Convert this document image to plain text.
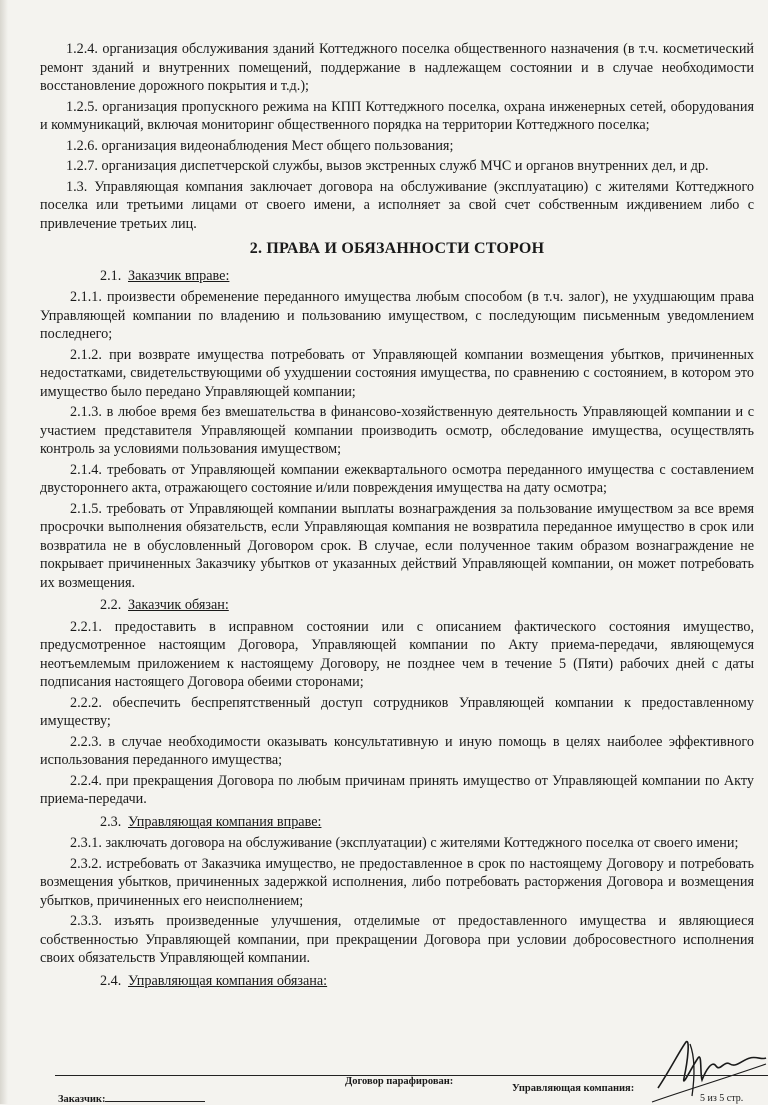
1.2.4. организация обслуживания зданий Коттеджного поселка общественного назначения (в т.ч. косметический ремонт зданий и внутренних помещений, поддержание в надлежащем состоянии и в случае необходимости восстановление дорожного покрытия и т.д.);

1.2.5. организация пропускного режима на КПП Коттеджного поселка, охрана инженерных сетей, оборудования и коммуникаций, включая мониторинг общественного порядка на территории Коттеджного поселка;

1.2.6. организация видеонаблюдения Мест общего пользования;

1.2.7. организация диспетчерской службы, вызов экстренных служб МЧС и органов внутренних дел, и др.

1.3. Управляющая компания заключает договора на обслуживание (эксплуатацию) с жителями Коттеджного поселка или третьими лицами от своего имени, а исполняет за свой счет собственным иждивением либо с привлечение третьих лиц.

2. ПРАВА И ОБЯЗАННОСТИ СТОРОН
2.1. Заказчик вправе:

2.1.1. произвести обременение переданного имущества любым способом (в т.ч. залог), не ухудшающим права Управляющей компании по владению и пользованию имуществом, с последующим письменным уведомлением последнего;

2.1.2. при возврате имущества потребовать от Управляющей компании возмещения убытков, причиненных недостатками, свидетельствующими об ухудшении состояния имущества, по сравнению с состоянием, в котором это имущество было передано Управляющей компании;

2.1.3. в любое время без вмешательства в финансово-хозяйственную деятельность Управляющей компании и с участием представителя Управляющей компании производить осмотр, обследование имущества, осуществлять контроль за условиями пользования имуществом;

2.1.4. требовать от Управляющей компании ежеквартального осмотра переданного имущества с составлением двустороннего акта, отражающего состояние и/или повреждения имущества на дату осмотра;

2.1.5. требовать от Управляющей компании выплаты вознаграждения за пользование имуществом за все время просрочки выполнения обязательств, если Управляющая компания не возвратила переданное имущество в срок или возвратила не в обусловленный Договором срок. В случае, если полученное таким образом вознаграждение не покрывает причиненных Заказчику убытков от указанных действий Управляющей компании, он может потребовать их возмещения.

2.2. Заказчик обязан:

2.2.1. предоставить в исправном состоянии или с описанием фактического состояния имущество, предусмотренное настоящим Договора, Управляющей компании по Акту приема-передачи, являющемуся неотъемлемым приложением к настоящему Договору, не позднее чем в течение 5 (Пяти) рабочих дней с даты подписания настоящего Договора обеими сторонами;

2.2.2. обеспечить беспрепятственный доступ сотрудников Управляющей компании к предоставленному имуществу;

2.2.3. в случае необходимости оказывать консультативную и иную помощь в целях наиболее эффективного использования переданного имущества;

2.2.4. при прекращения Договора по любым причинам принять имущество от Управляющей компании по Акту приема-передачи.

2.3. Управляющая компания вправе:

2.3.1. заключать договора на обслуживание (эксплуатации) с жителями Коттеджного поселка от своего имени;

2.3.2. истребовать от Заказчика имущество, не предоставленное в срок по настоящему Договору и потребовать возмещения убытков, причиненных задержкой исполнения, либо потребовать расторжения Договора и возмещения убытков, причиненных его неисполнением;

2.3.3. изъять произведенные улучшения, отделимые от предоставленного имущества и являющиеся собственностью Управляющей компании, при прекращении Договора при условии добросовестного исполнения своих обязательств Управляющей компании.

2.4. Управляющая компания обязана:
Договор парафирован:
Заказчик:
Управляющая компания:
5 из 5 стр.
